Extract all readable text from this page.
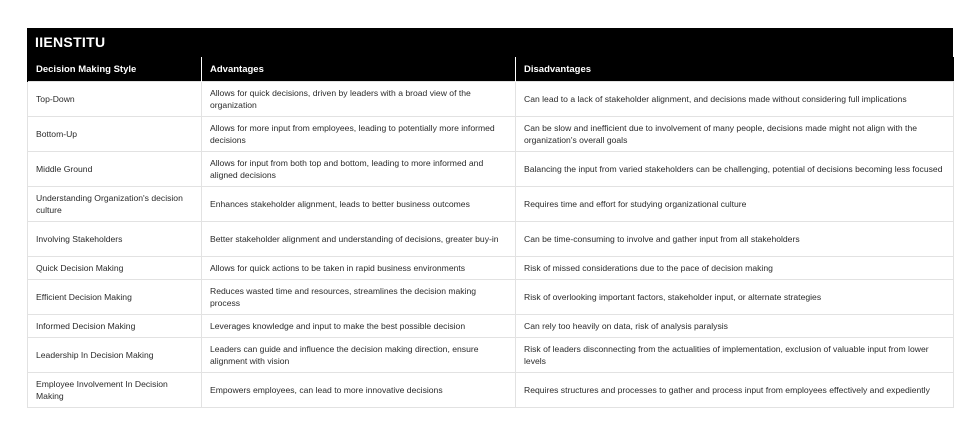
IIENSTITU
Decision Making Style	Advantages	Disadvantages
Top-Down	Allows for quick decisions, driven by leaders with a broad view of the organization	Can lead to a lack of stakeholder alignment, and decisions made without considering full implications
Bottom-Up	Allows for more input from employees, leading to potentially more informed decisions	Can be slow and inefficient due to involvement of many people, decisions made might not align with the organization's overall goals
Middle Ground	Allows for input from both top and bottom, leading to more informed and aligned decisions	Balancing the input from varied stakeholders can be challenging, potential of decisions becoming less focused
Understanding Organization's decision culture	Enhances stakeholder alignment, leads to better business outcomes	Requires time and effort for studying organizational culture
Involving Stakeholders	Better stakeholder alignment and understanding of decisions, greater buy-in	Can be time-consuming to involve and gather input from all stakeholders
Quick Decision Making	Allows for quick actions to be taken in rapid business environments	Risk of missed considerations due to the pace of decision making
Efficient Decision Making	Reduces wasted time and resources, streamlines the decision making process	Risk of overlooking important factors, stakeholder input, or alternate strategies
Informed Decision Making	Leverages knowledge and input to make the best possible decision	Can rely too heavily on data, risk of analysis paralysis
Leadership In Decision Making	Leaders can guide and influence the decision making direction, ensure alignment with vision	Risk of leaders disconnecting from the actualities of implementation, exclusion of valuable input from lower levels
Employee Involvement In Decision Making	Empowers employees, can lead to more innovative decisions	Requires structures and processes to gather and process input from employees effectively and expediently
